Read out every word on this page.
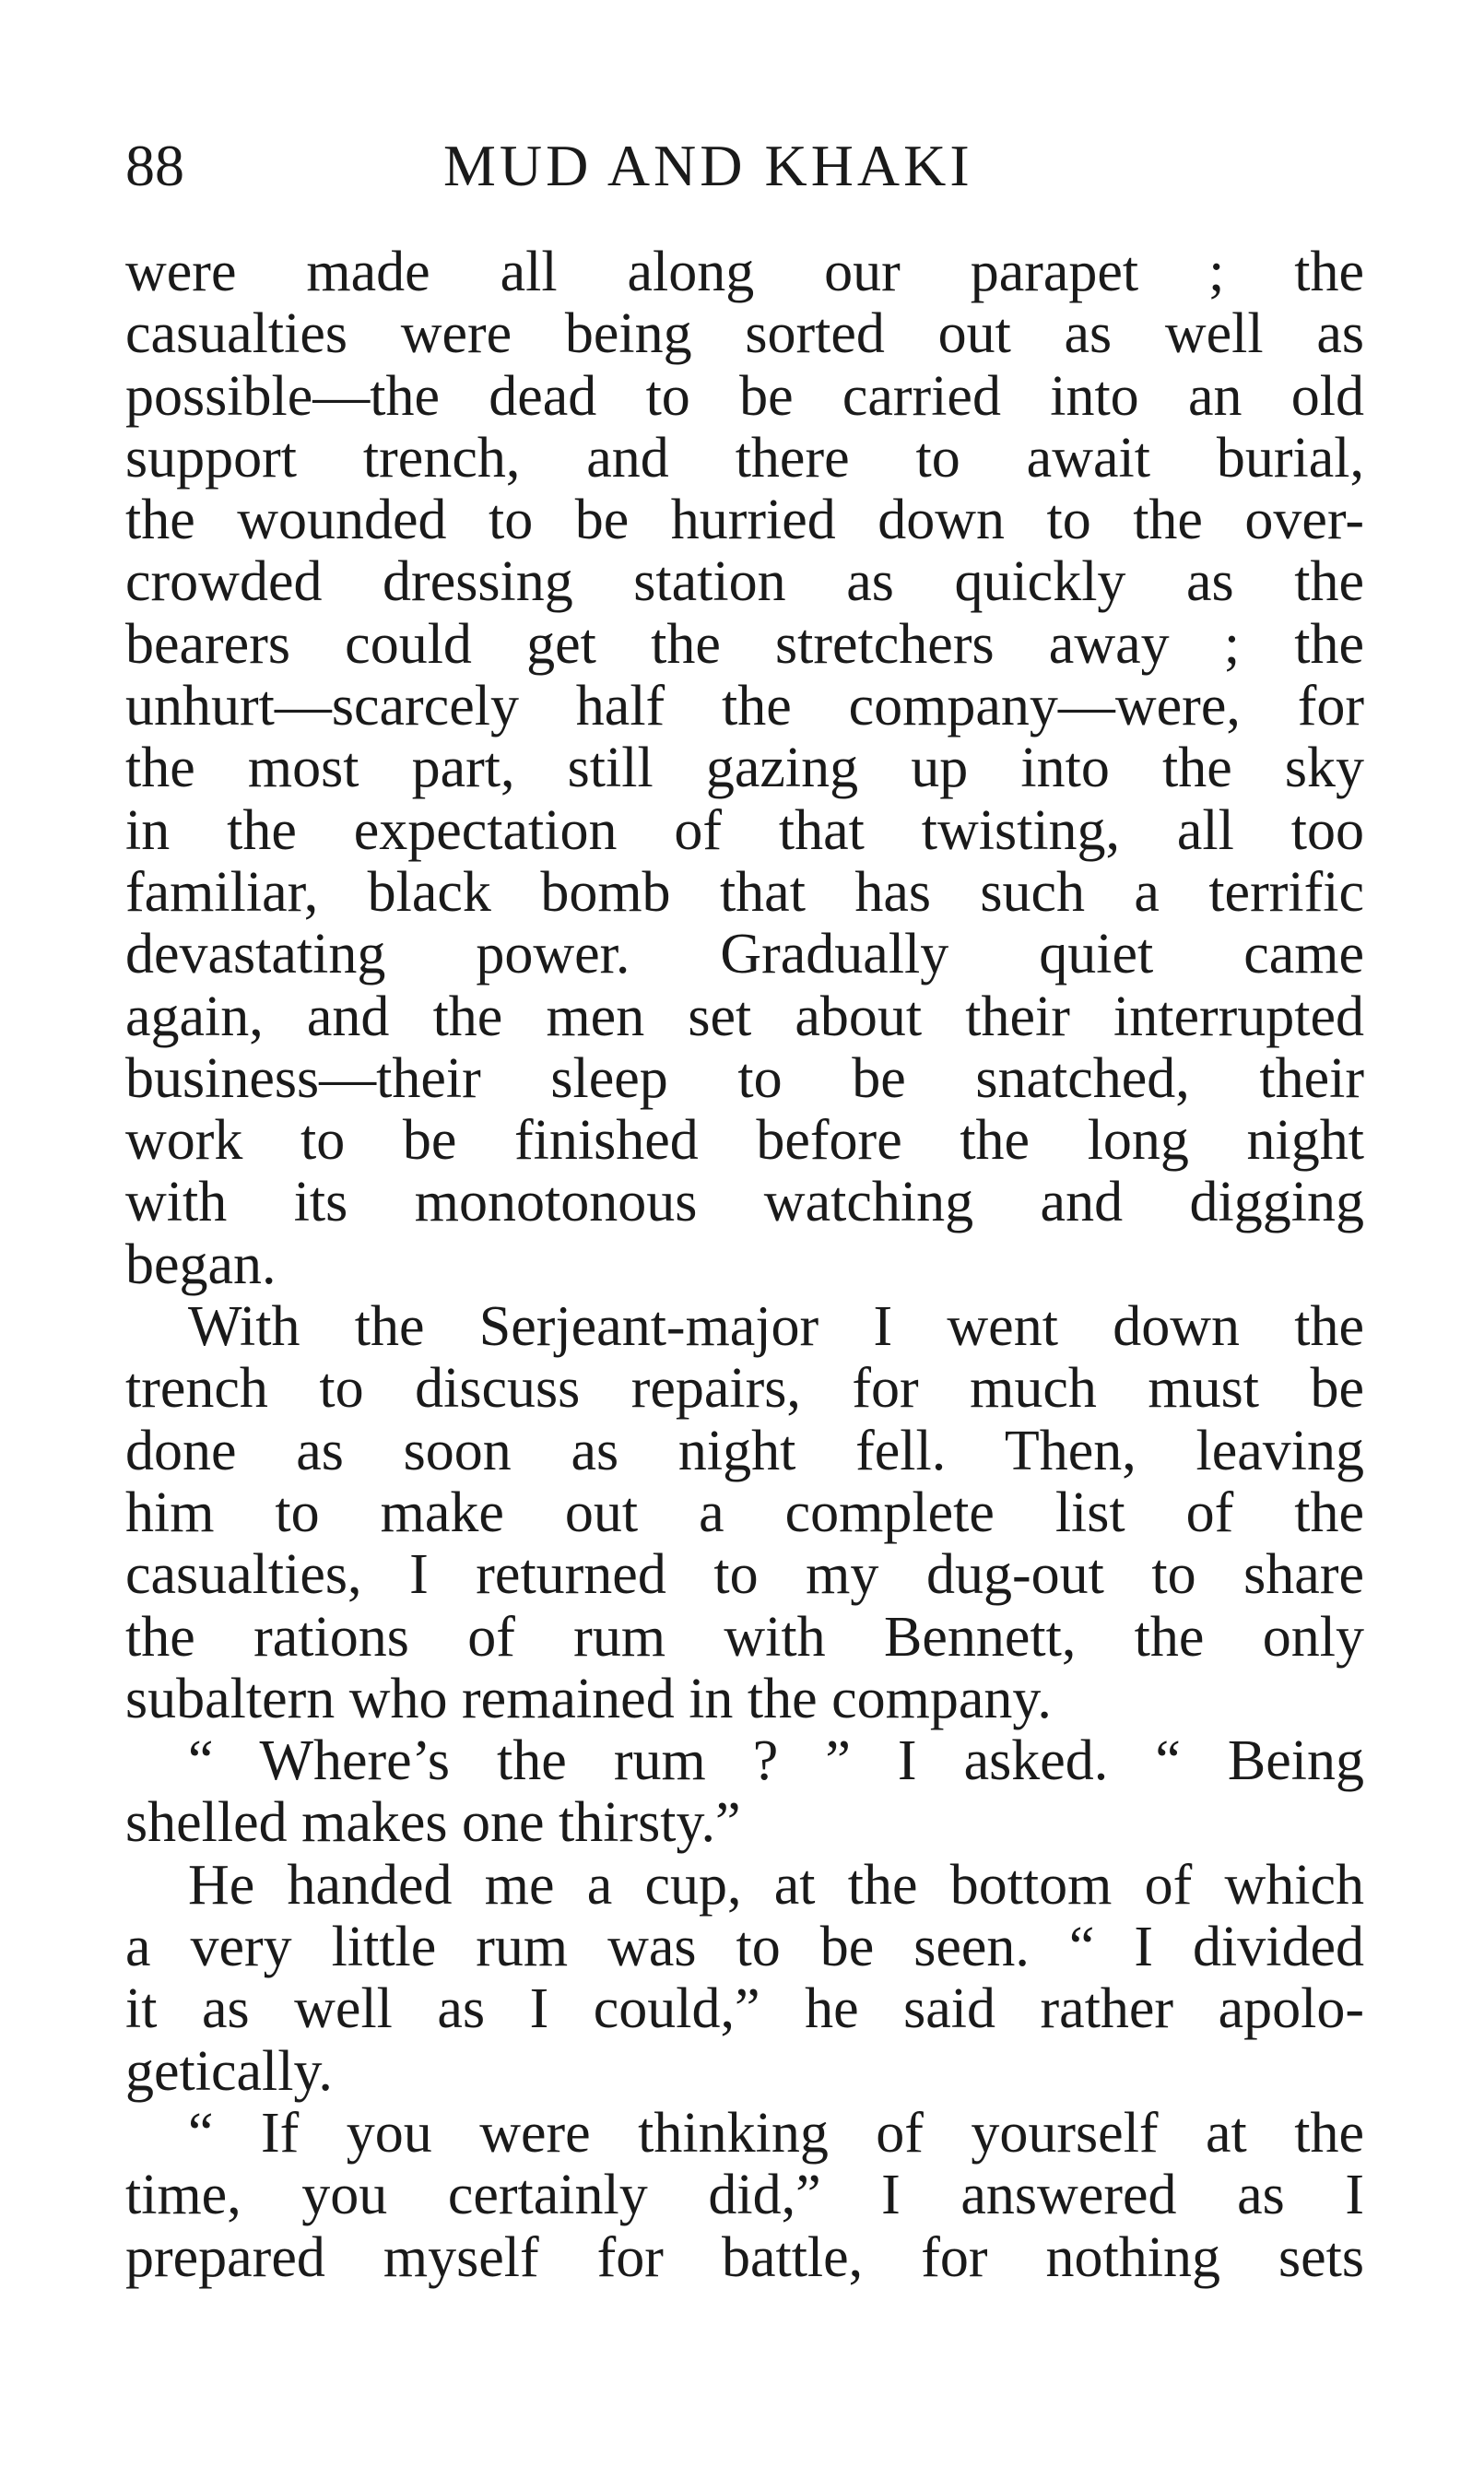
88	MUD AND KHAKI
were made all along our parapet ; the
casualties were being sorted out as well as
possible—the dead to be carried into an old
support trench, and there to await burial,
the wounded to be hurried down to the over-
crowded dressing station as quickly as the
bearers could get the stretchers away ; the
unhurt—scarcely half the company—were, for
the most part, still gazing up into the sky
in the expectation of that twisting, all too
familiar, black bomb that has such a terrific
devastating power. Gradually quiet came
again, and the men set about their interrupted
business—their sleep to be snatched, their
work to be finished before the long night
with its monotonous watching and digging
began.
With the Serjeant-major I went down the
trench to discuss repairs, for much must be
done as soon as night fell. Then, leaving
him to make out a complete list of the
casualties, I returned to my dug-out to share
the rations of rum with Bennett, the only
subaltern who remained in the company.
“ Where’s the rum ? ” I asked. “ Being
shelled makes one thirsty.”
He handed me a cup, at the bottom of which
a very little rum was to be seen. “ I divided
it as well as I could,” he said rather apolo-
getically.
“ If you were thinking of yourself at the
time, you certainly did,” I answered as I
prepared myself for battle, for nothing sets
